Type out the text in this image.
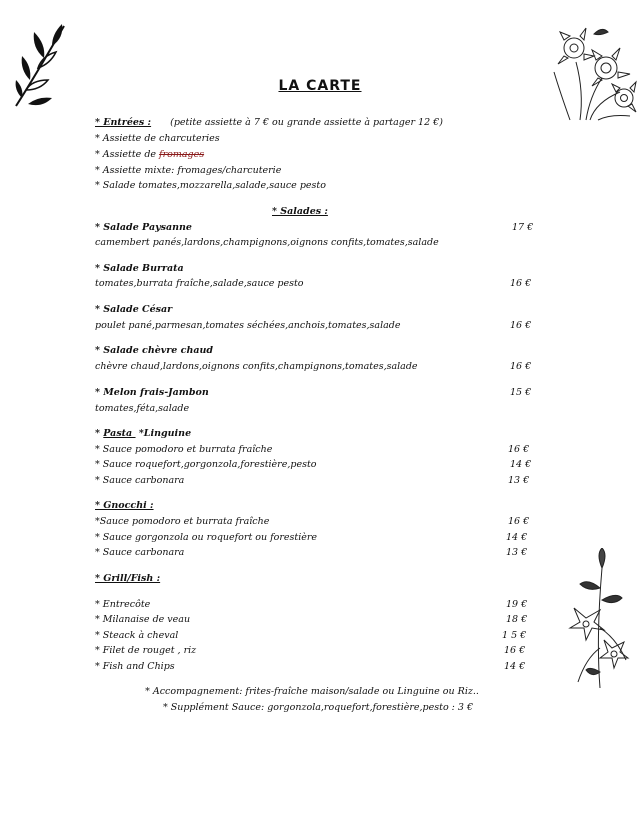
LA CARTE
* Entrées : (petite assiette à 7 € ou grande assiette à partager 12 €)
* Assiette de charcuteries
* Assiette de fromages
* Assiette mixte: fromages/charcuterie
* Salade tomates,mozzarella,salade,sauce pesto
* Salades :
* Salade Paysanne	17 €
camembert panés,lardons,champignons,oignons confits,tomates,salade
* Salade Burrata
tomates,burrata fraîche,salade,sauce pesto	16 €
* Salade César
poulet pané,parmesan,tomates séchées,anchois,tomates,salade	16 €
* Salade chèvre chaud
chèvre chaud,lardons,oignons confits,champignons,tomates,salade	16 €
* Melon frais-Jambon	15 €
tomates,féta,salade
* Pasta  *Linguine
* Sauce pomodoro et burrata fraîche	16 €
* Sauce roquefort,gorgonzola,forestière,pesto	14 €
* Sauce carbonara	13 €
* Gnocchi :
*Sauce pomodoro et burrata fraîche	16 €
* Sauce gorgonzola ou roquefort ou forestière	14 €
* Sauce carbonara	13 €
* Grill/Fish :
* Entrecôte	19 €
* Milanaise de veau	18 €
* Steack à cheval	1 5 €
* Filet de rouget , riz	16 €
* Fish and Chips	14 €
* Accompagnement: frites-fraîche maison/salade ou Linguine ou Riz..
* Supplément Sauce: gorgonzola,roquefort,forestière,pesto : 3 €
